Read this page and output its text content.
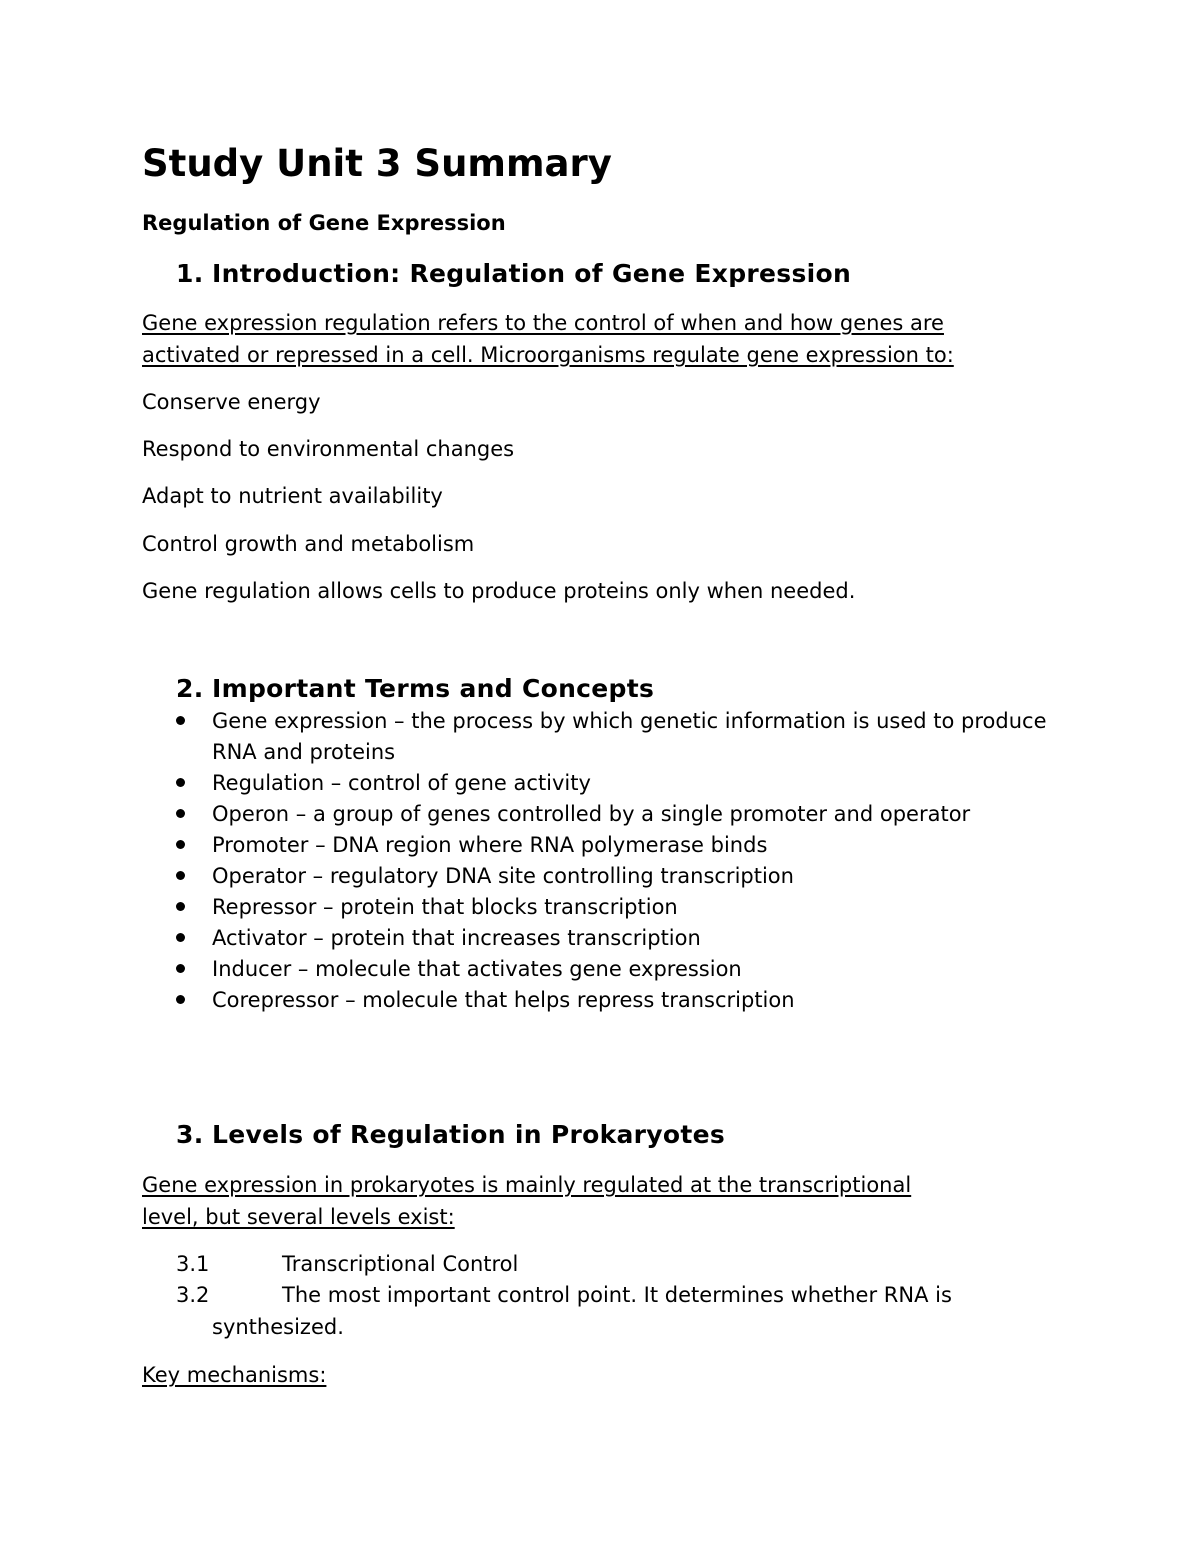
Study Unit 3 Summary
Regulation of Gene Expression
1. Introduction: Regulation of Gene Expression
Gene expression regulation refers to the control of when and how genes are
activated or repressed in a cell. Microorganisms regulate gene expression to:
Conserve energy
Respond to environmental changes
Adapt to nutrient availability
Control growth and metabolism
Gene regulation allows cells to produce proteins only when needed.
2. Important Terms and Concepts
Gene expression – the process by which genetic information is used to produce RNA and proteins
Regulation – control of gene activity
Operon – a group of genes controlled by a single promoter and operator
Promoter – DNA region where RNA polymerase binds
Operator – regulatory DNA site controlling transcription
Repressor – protein that blocks transcription
Activator – protein that increases transcription
Inducer – molecule that activates gene expression
Corepressor – molecule that helps repress transcription
3. Levels of Regulation in Prokaryotes
Gene expression in prokaryotes is mainly regulated at the transcriptional
level, but several levels exist:
3.1	Transcriptional Control
3.2	The most important control point. It determines whether RNA is
synthesized.
Key mechanisms:
